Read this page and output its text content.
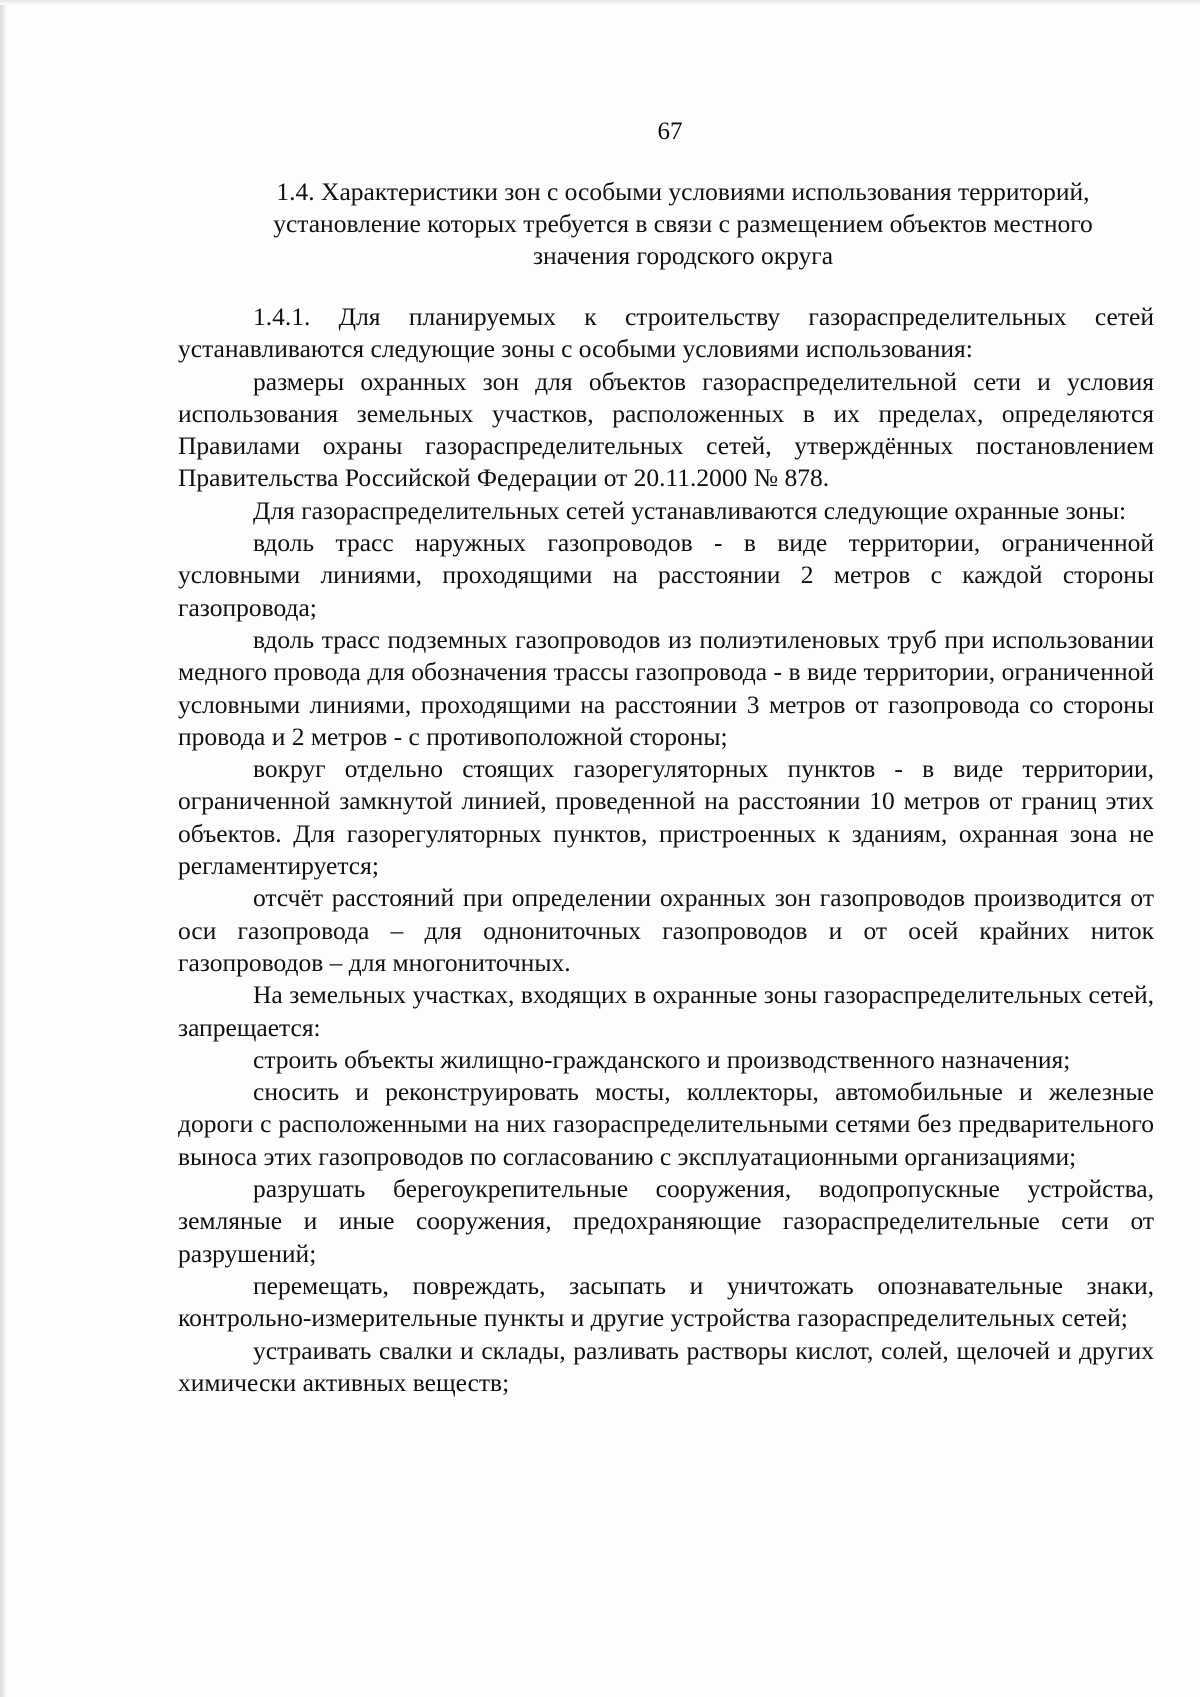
67
1.4. Характеристики зон с особыми условиями использования территорий,
установление которых требуется в связи с размещением объектов местного
значения городского округа

1.4.1. Для планируемых к строительству газораспределительных сетей устанавливаются следующие зоны с особыми условиями использования:

размеры охранных зон для объектов газораспределительной сети и условия использования земельных участков, расположенных в их пределах, определяются Правилами охраны газораспределительных сетей, утверждённых постановлением Правительства Российской Федерации от 20.11.2000 № 878.

Для газораспределительных сетей устанавливаются следующие охранные зоны:

вдоль трасс наружных газопроводов - в виде территории, ограниченной условными линиями, проходящими на расстоянии 2 метров с каждой стороны газопровода;

вдоль трасс подземных газопроводов из полиэтиленовых труб при использовании медного провода для обозначения трассы газопровода - в виде территории, ограниченной условными линиями, проходящими на расстоянии 3 метров от газопровода со стороны провода и 2 метров - с противоположной стороны;

вокруг отдельно стоящих газорегуляторных пунктов - в виде территории, ограниченной замкнутой линией, проведенной на расстоянии 10 метров от границ этих объектов. Для газорегуляторных пунктов, пристроенных к зданиям, охранная зона не регламентируется;

отсчёт расстояний при определении охранных зон газопроводов производится от оси газопровода – для однониточных газопроводов и от осей крайних ниток газопроводов – для многониточных.

На земельных участках, входящих в охранные зоны газораспределительных сетей, запрещается:

строить объекты жилищно-гражданского и производственного назначения;

сносить и реконструировать мосты, коллекторы, автомобильные и железные дороги с расположенными на них газораспределительными сетями без предварительного выноса этих газопроводов по согласованию с эксплуатационными организациями;

разрушать берегоукрепительные сооружения, водопропускные устройства, земляные и иные сооружения, предохраняющие газораспределительные сети от разрушений;

перемещать, повреждать, засыпать и уничтожать опознавательные знаки, контрольно-измерительные пункты и другие устройства газораспределительных сетей;

устраивать свалки и склады, разливать растворы кислот, солей, щелочей и других химически активных веществ;
